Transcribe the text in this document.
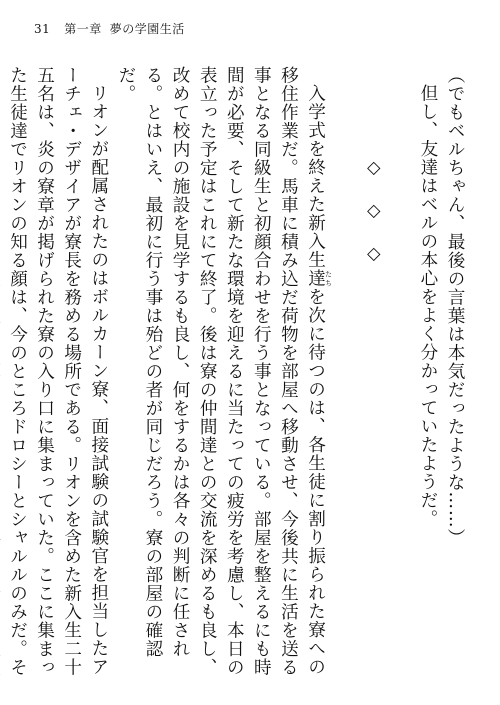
31 第一章 夢の学園生活

（でもベルちゃん、最後の言葉は本気だったような……）

但し、友達はベルの本心をよく分かっていたようだ。

◇◇◇

入学式を終えた新入生達 たちを次に待つのは、各生徒に割り振られた寮への移住作業だ。馬車に積み込だ荷物を部屋へ移動させ、今後共に生活を送る事となる同級生と初顔合わせを行う事となっている。部屋を整えるにも時間が必要、そして新たな環境を迎えるに当たっての疲労を考慮し、本日の表立った予定はこれにて終了。後は寮の仲間達との交流を深めるも良し、改めて校内の施設を見学するも良し、何をするかは各々の判断に任される。とはいえ、最初に行う事は殆どの者が同じだろう。寮の部屋の確認だ。

リオンが配属されたのはボルカーン寮、面接試験の試験官を担当したアーチェ・デザイアが寮長を務める場所である。リオンを含めた新入生二十五名は、炎の寮章が掲げられた寮の入り口に集まっていた。ここに集まった生徒達でリオンの知る顔は、今のところドロシーとシャルルのみだ。そ
